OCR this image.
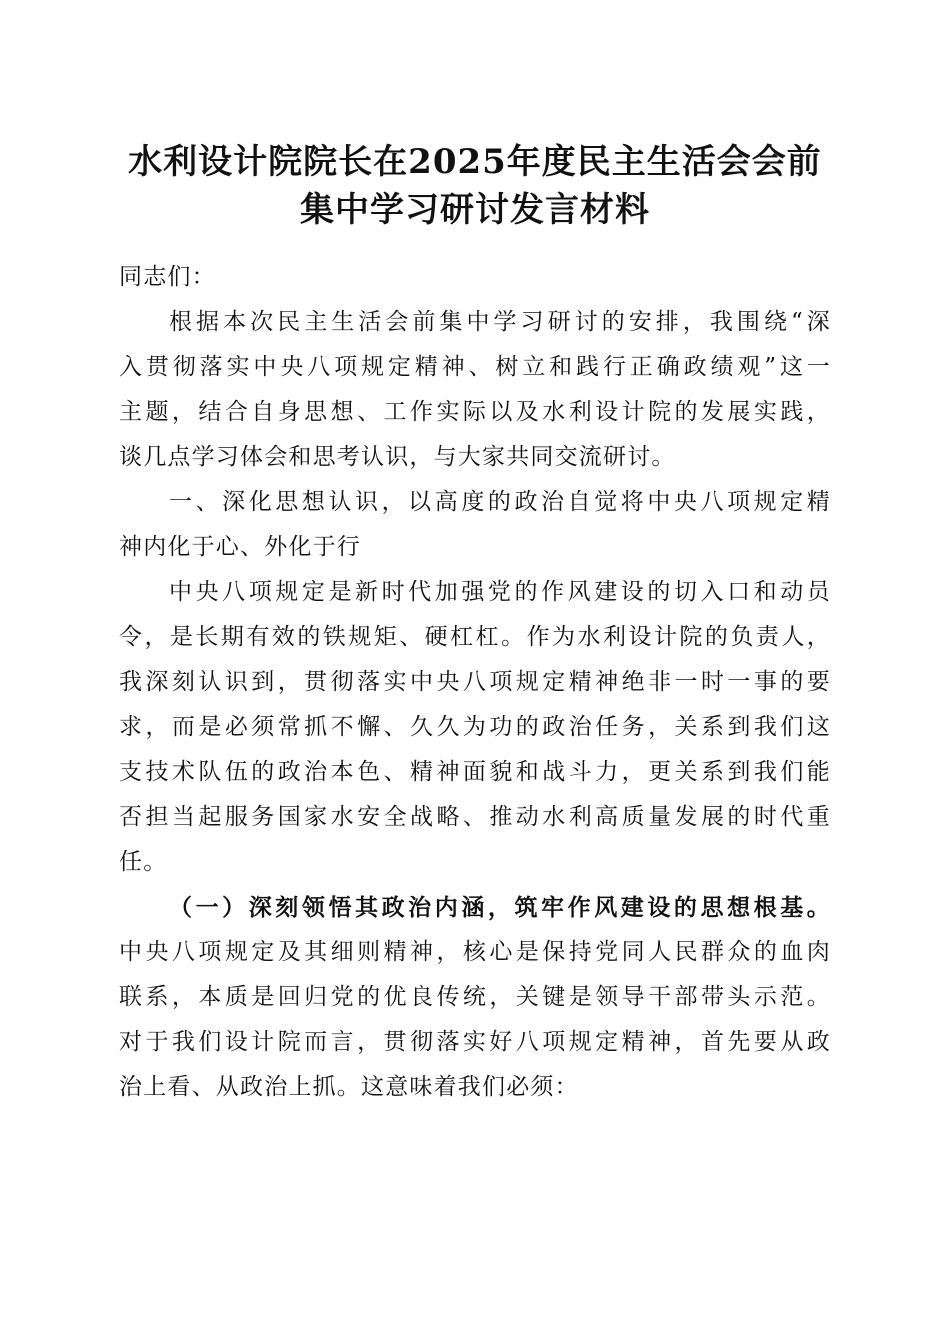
水利设计院院长在2025年度民主生活会会前
集中学习研讨发言材料
同志们：
根据本次民主生活会前集中学习研讨的安排，我围绕“深
入贯彻落实中央八项规定精神、树立和践行正确政绩观”这一
主题，结合自身思想、工作实际以及水利设计院的发展实践，
谈几点学习体会和思考认识，与大家共同交流研讨。
一、深化思想认识，以高度的政治自觉将中央八项规定精
神内化于心、外化于行
中央八项规定是新时代加强党的作风建设的切入口和动员
令，是长期有效的铁规矩、硬杠杠。作为水利设计院的负责人，
我深刻认识到，贯彻落实中央八项规定精神绝非一时一事的要
求，而是必须常抓不懈、久久为功的政治任务，关系到我们这
支技术队伍的政治本色、精神面貌和战斗力，更关系到我们能
否担当起服务国家水安全战略、推动水利高质量发展的时代重
任。
（一）深刻领悟其政治内涵，筑牢作风建设的思想根基。
中央八项规定及其细则精神，核心是保持党同人民群众的血肉
联系，本质是回归党的优良传统，关键是领导干部带头示范。
对于我们设计院而言，贯彻落实好八项规定精神，首先要从政
治上看、从政治上抓。这意味着我们必须：
